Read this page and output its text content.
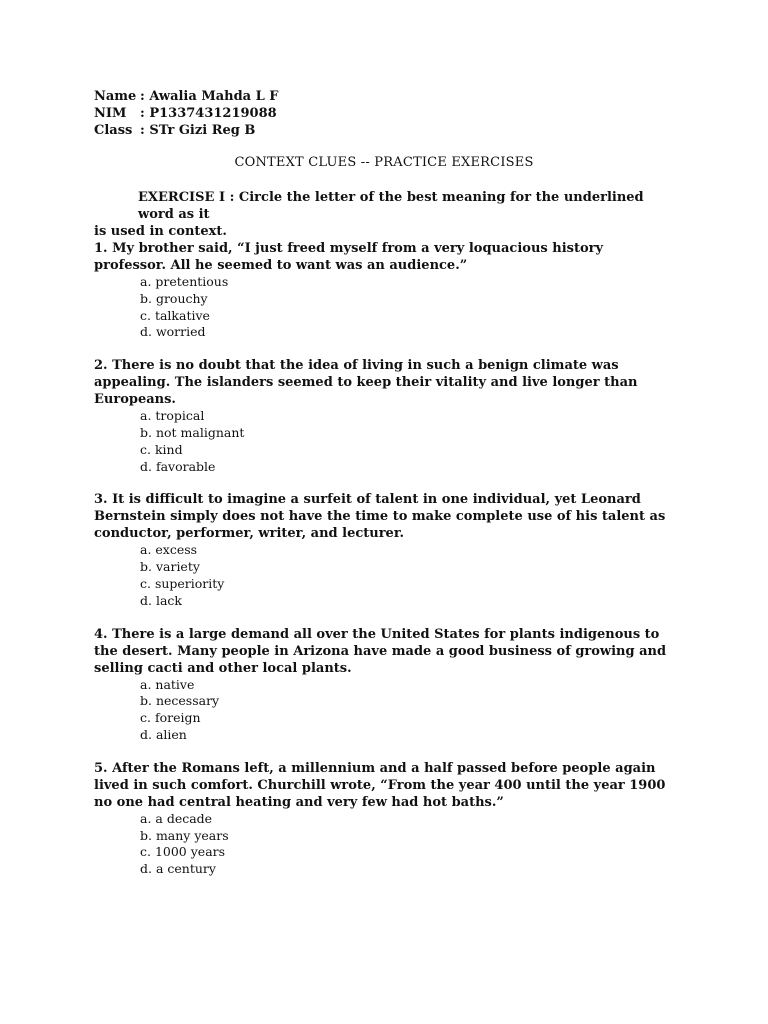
Name : Awalia Mahda L F
NIM	: P1337431219088
Class : STr Gizi Reg B
CONTEXT CLUES -- PRACTICE EXERCISES
EXERCISE I : Circle the letter of the best meaning for the underlined word as it
is used in context.
1. My brother said, “I just freed myself from a very loquacious history professor. All he seemed to want was an audience.”
a. pretentious
b. grouchy
c. talkative
d. worried
2. There is no doubt that the idea of living in such a benign climate was appealing. The islanders seemed to keep their vitality and live longer than Europeans.
a. tropical
b. not malignant
c. kind
d. favorable
3. It is difficult to imagine a surfeit of talent in one individual, yet Leonard Bernstein simply does not have the time to make complete use of his talent as conductor, performer, writer, and lecturer.
a. excess
b. variety
c. superiority
d. lack
4. There is a large demand all over the United States for plants indigenous to the desert. Many people in Arizona have made a good business of growing and selling cacti and other local plants.
a. native
b. necessary
c. foreign
d. alien
5. After the Romans left, a millennium and a half passed before people again lived in such comfort. Churchill wrote, “From the year 400 until the year 1900 no one had central heating and very few had hot baths.”
a. a decade
b. many years
c. 1000 years
d. a century
